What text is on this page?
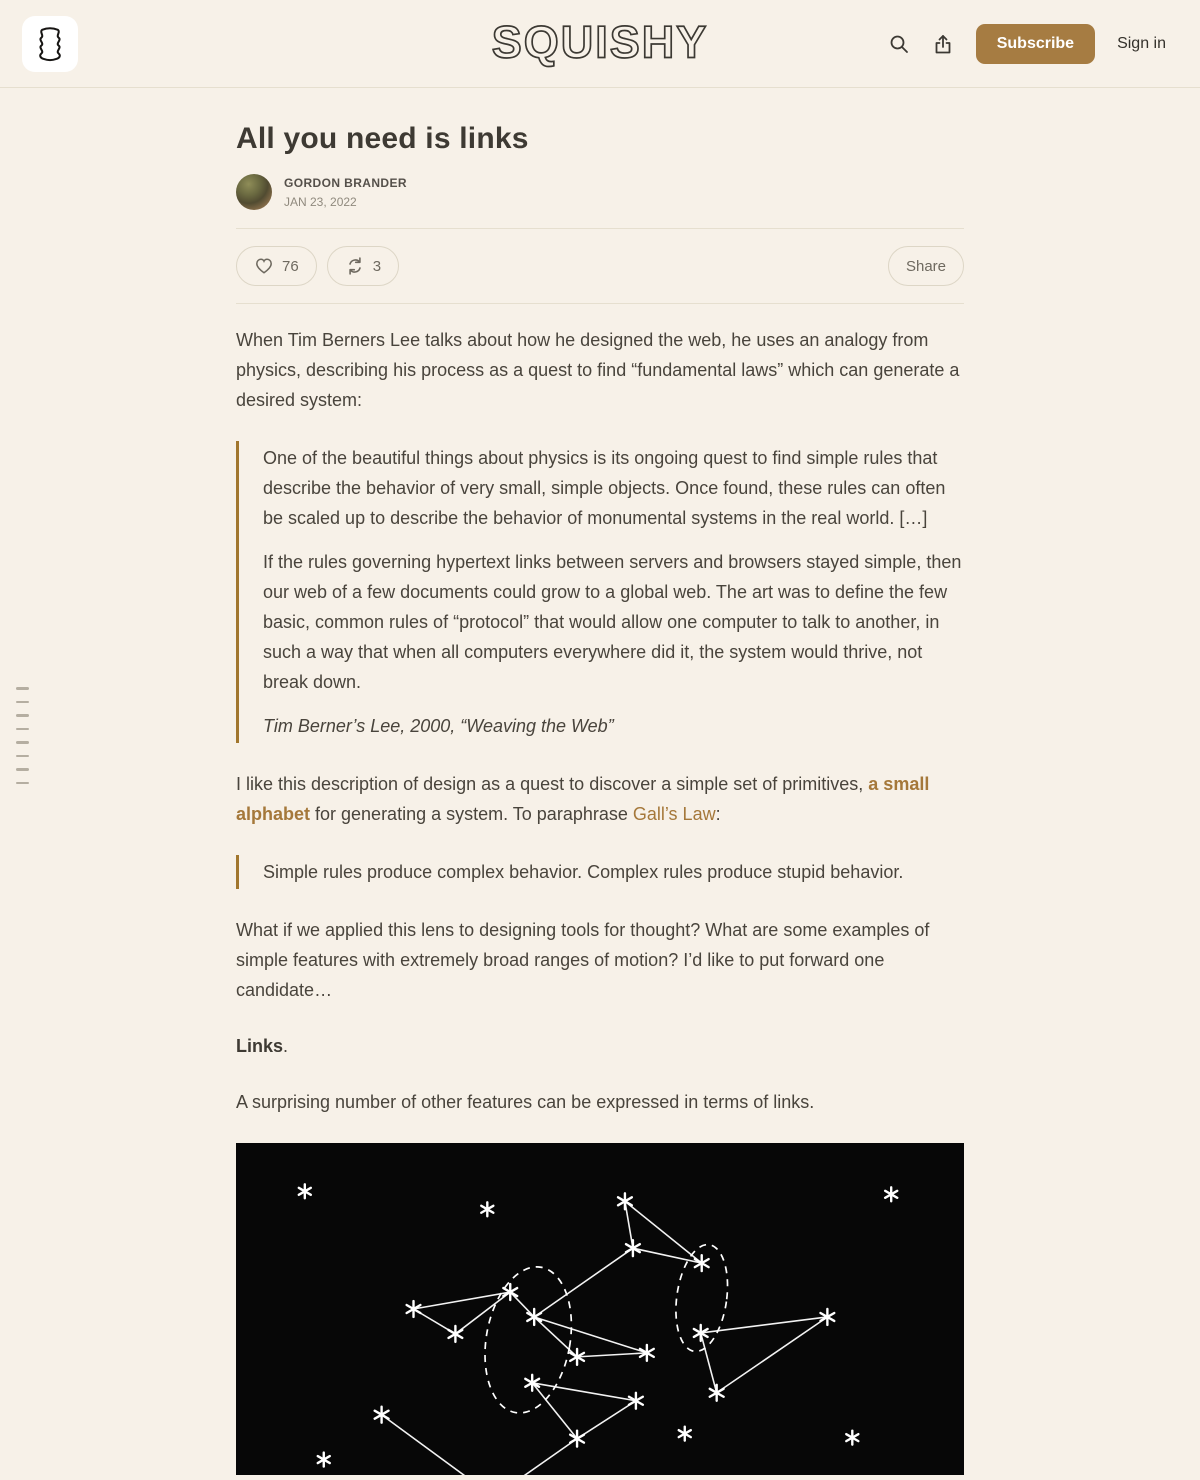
SQUISHY	Subscribe	Sign in
All you need is links
GORDON BRANDER
JAN 23, 2022
76	3	Share

When Tim Berners Lee talks about how he designed the web, he uses an analogy from physics, describing his process as a quest to find “fundamental laws” which can generate a desired system:

One of the beautiful things about physics is its ongoing quest to find simple rules that describe the behavior of very small, simple objects. Once found, these rules can often be scaled up to describe the behavior of monumental systems in the real world. […]

If the rules governing hypertext links between servers and browsers stayed simple, then our web of a few documents could grow to a global web. The art was to define the few basic, common rules of “protocol” that would allow one computer to talk to another, in such a way that when all computers everywhere did it, the system would thrive, not break down.

Tim Berner’s Lee, 2000, “Weaving the Web”

I like this description of design as a quest to discover a simple set of primitives, a small alphabet for generating a system. To paraphrase Gall’s Law:

Simple rules produce complex behavior. Complex rules produce stupid behavior.

What if we applied this lens to designing tools for thought? What are some examples of simple features with extremely broad ranges of motion? I’d like to put forward one candidate…

Links.

A surprising number of other features can be expressed in terms of links.
